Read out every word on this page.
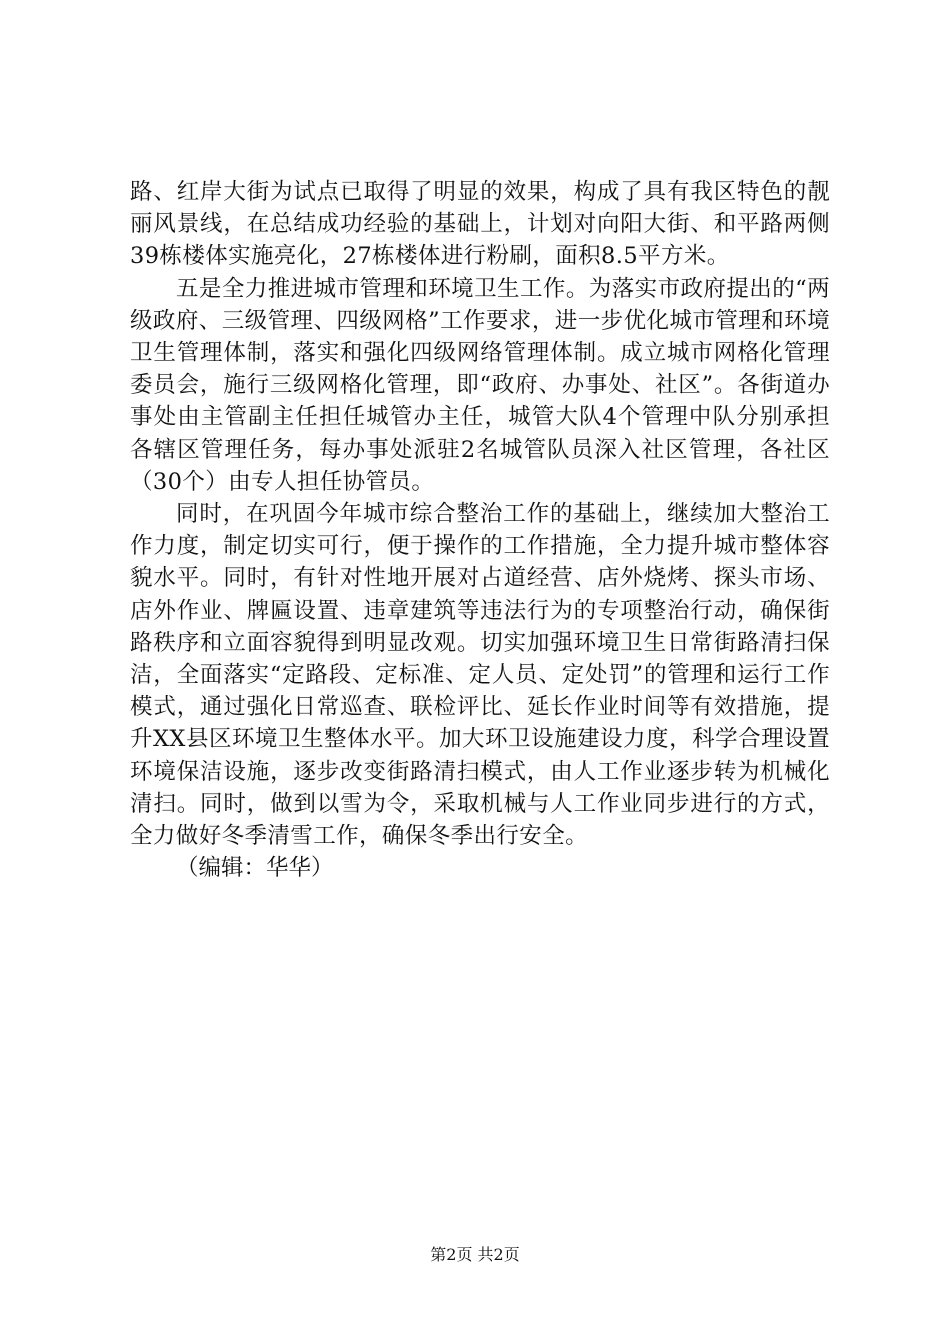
路、红岸大街为试点已取得了明显的效果，构成了具有我区特色的靓丽风景线，在总结成功经验的基础上，计划对向阳大街、和平路两侧39栋楼体实施亮化，27栋楼体进行粉刷，面积8.5平方米。

五是全力推进城市管理和环境卫生工作。为落实市政府提出的“两级政府、三级管理、四级网格”工作要求，进一步优化城市管理和环境卫生管理体制，落实和强化四级网络管理体制。成立城市网格化管理委员会，施行三级网格化管理，即“政府、办事处、社区”。各街道办事处由主管副主任担任城管办主任，城管大队4个管理中队分别承担各辖区管理任务，每办事处派驻2名城管队员深入社区管理，各社区（30个）由专人担任协管员。

同时，在巩固今年城市综合整治工作的基础上，继续加大整治工作力度，制定切实可行，便于操作的工作措施，全力提升城市整体容貌水平。同时，有针对性地开展对占道经营、店外烧烤、探头市场、店外作业、牌匾设置、违章建筑等违法行为的专项整治行动，确保街路秩序和立面容貌得到明显改观。切实加强环境卫生日常街路清扫保洁，全面落实“定路段、定标准、定人员、定处罚”的管理和运行工作模式，通过强化日常巡查、联检评比、延长作业时间等有效措施，提升XX县区环境卫生整体水平。加大环卫设施建设力度，科学合理设置环境保洁设施，逐步改变街路清扫模式，由人工作业逐步转为机械化清扫。同时，做到以雪为令，采取机械与人工作业同步进行的方式，全力做好冬季清雪工作，确保冬季出行安全。

（编辑：华华）

第2页 共2页
